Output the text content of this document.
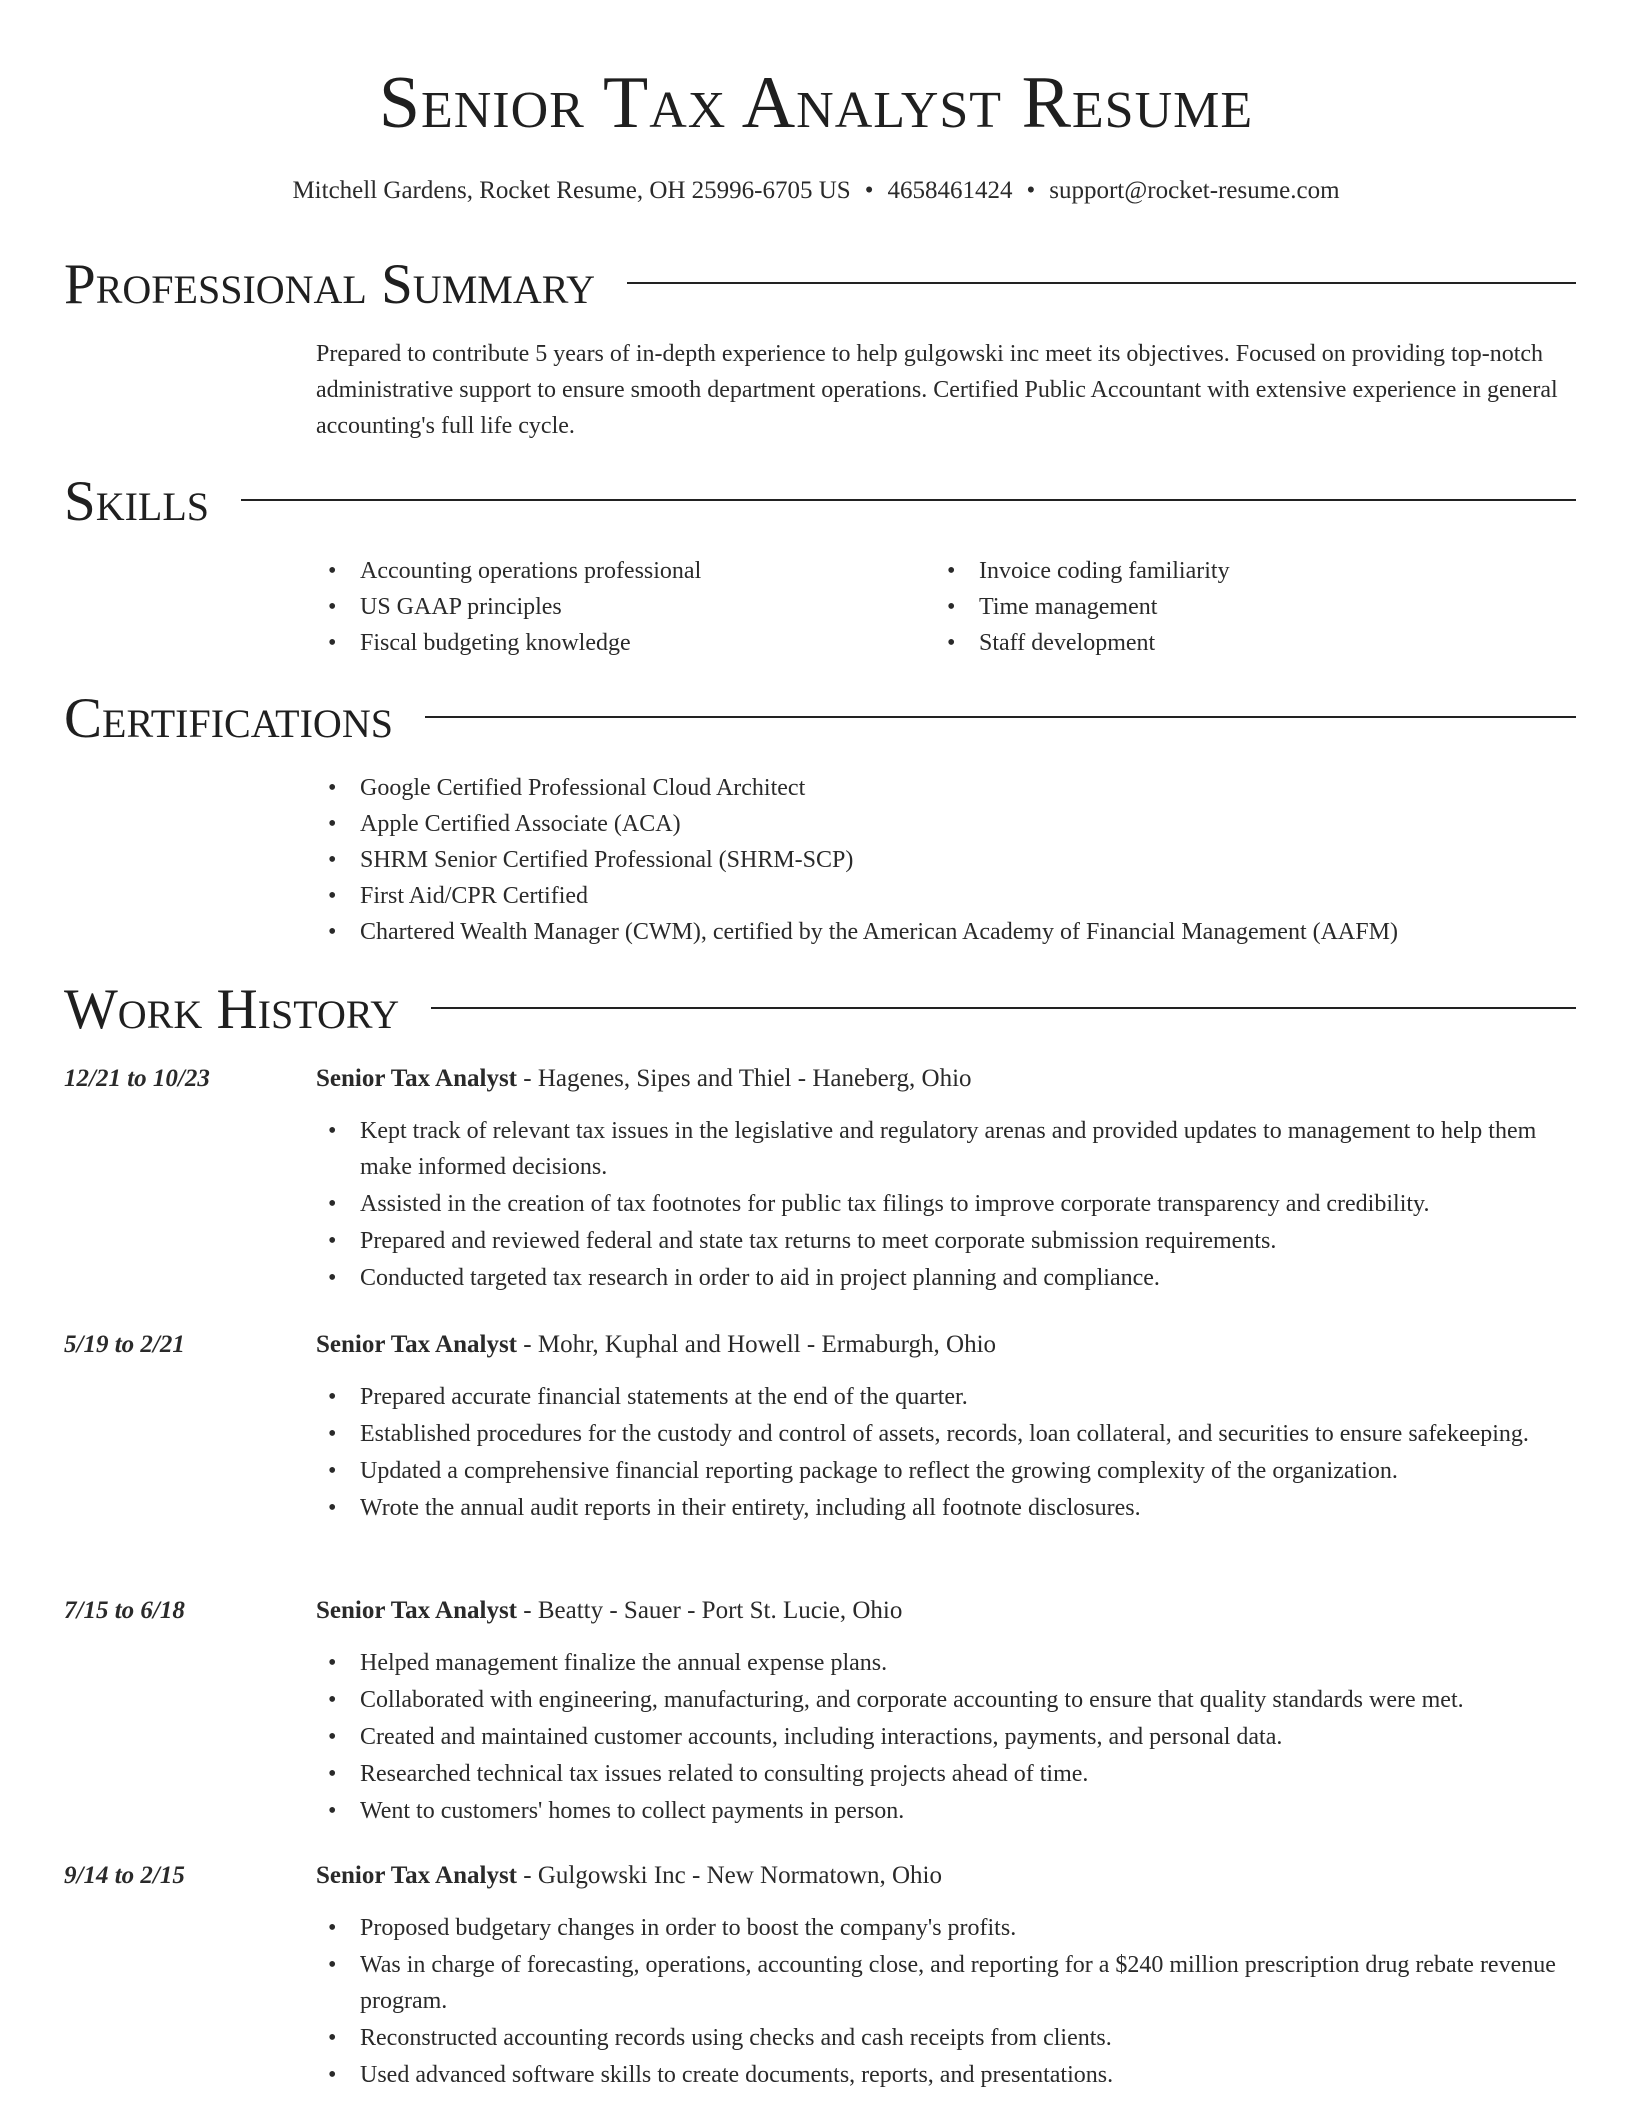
Senior Tax Analyst Resume
Mitchell Gardens, Rocket Resume, OH 25996-6705 US • 4658461424 • support@rocket-resume.com
Professional Summary
Prepared to contribute 5 years of in-depth experience to help gulgowski inc meet its objectives. Focused on providing top-notch administrative support to ensure smooth department operations. Certified Public Accountant with extensive experience in general accounting's full life cycle.
Skills
• Accounting operations professional
• US GAAP principles
• Fiscal budgeting knowledge
• Invoice coding familiarity
• Time management
• Staff development
Certifications
• Google Certified Professional Cloud Architect
• Apple Certified Associate (ACA)
• SHRM Senior Certified Professional (SHRM-SCP)
• First Aid/CPR Certified
• Chartered Wealth Manager (CWM), certified by the American Academy of Financial Management (AAFM)
Work History
12/21 to 10/23	Senior Tax Analyst - Hagenes, Sipes and Thiel - Haneberg, Ohio
• Kept track of relevant tax issues in the legislative and regulatory arenas and provided updates to management to help them make informed decisions.
• Assisted in the creation of tax footnotes for public tax filings to improve corporate transparency and credibility.
• Prepared and reviewed federal and state tax returns to meet corporate submission requirements.
• Conducted targeted tax research in order to aid in project planning and compliance.
5/19 to 2/21	Senior Tax Analyst - Mohr, Kuphal and Howell - Ermaburgh, Ohio
• Prepared accurate financial statements at the end of the quarter.
• Established procedures for the custody and control of assets, records, loan collateral, and securities to ensure safekeeping.
• Updated a comprehensive financial reporting package to reflect the growing complexity of the organization.
• Wrote the annual audit reports in their entirety, including all footnote disclosures.
7/15 to 6/18	Senior Tax Analyst - Beatty - Sauer - Port St. Lucie, Ohio
• Helped management finalize the annual expense plans.
• Collaborated with engineering, manufacturing, and corporate accounting to ensure that quality standards were met.
• Created and maintained customer accounts, including interactions, payments, and personal data.
• Researched technical tax issues related to consulting projects ahead of time.
• Went to customers' homes to collect payments in person.
9/14 to 2/15	Senior Tax Analyst - Gulgowski Inc - New Normatown, Ohio
• Proposed budgetary changes in order to boost the company's profits.
• Was in charge of forecasting, operations, accounting close, and reporting for a $240 million prescription drug rebate revenue program.
• Reconstructed accounting records using checks and cash receipts from clients.
• Used advanced software skills to create documents, reports, and presentations.
